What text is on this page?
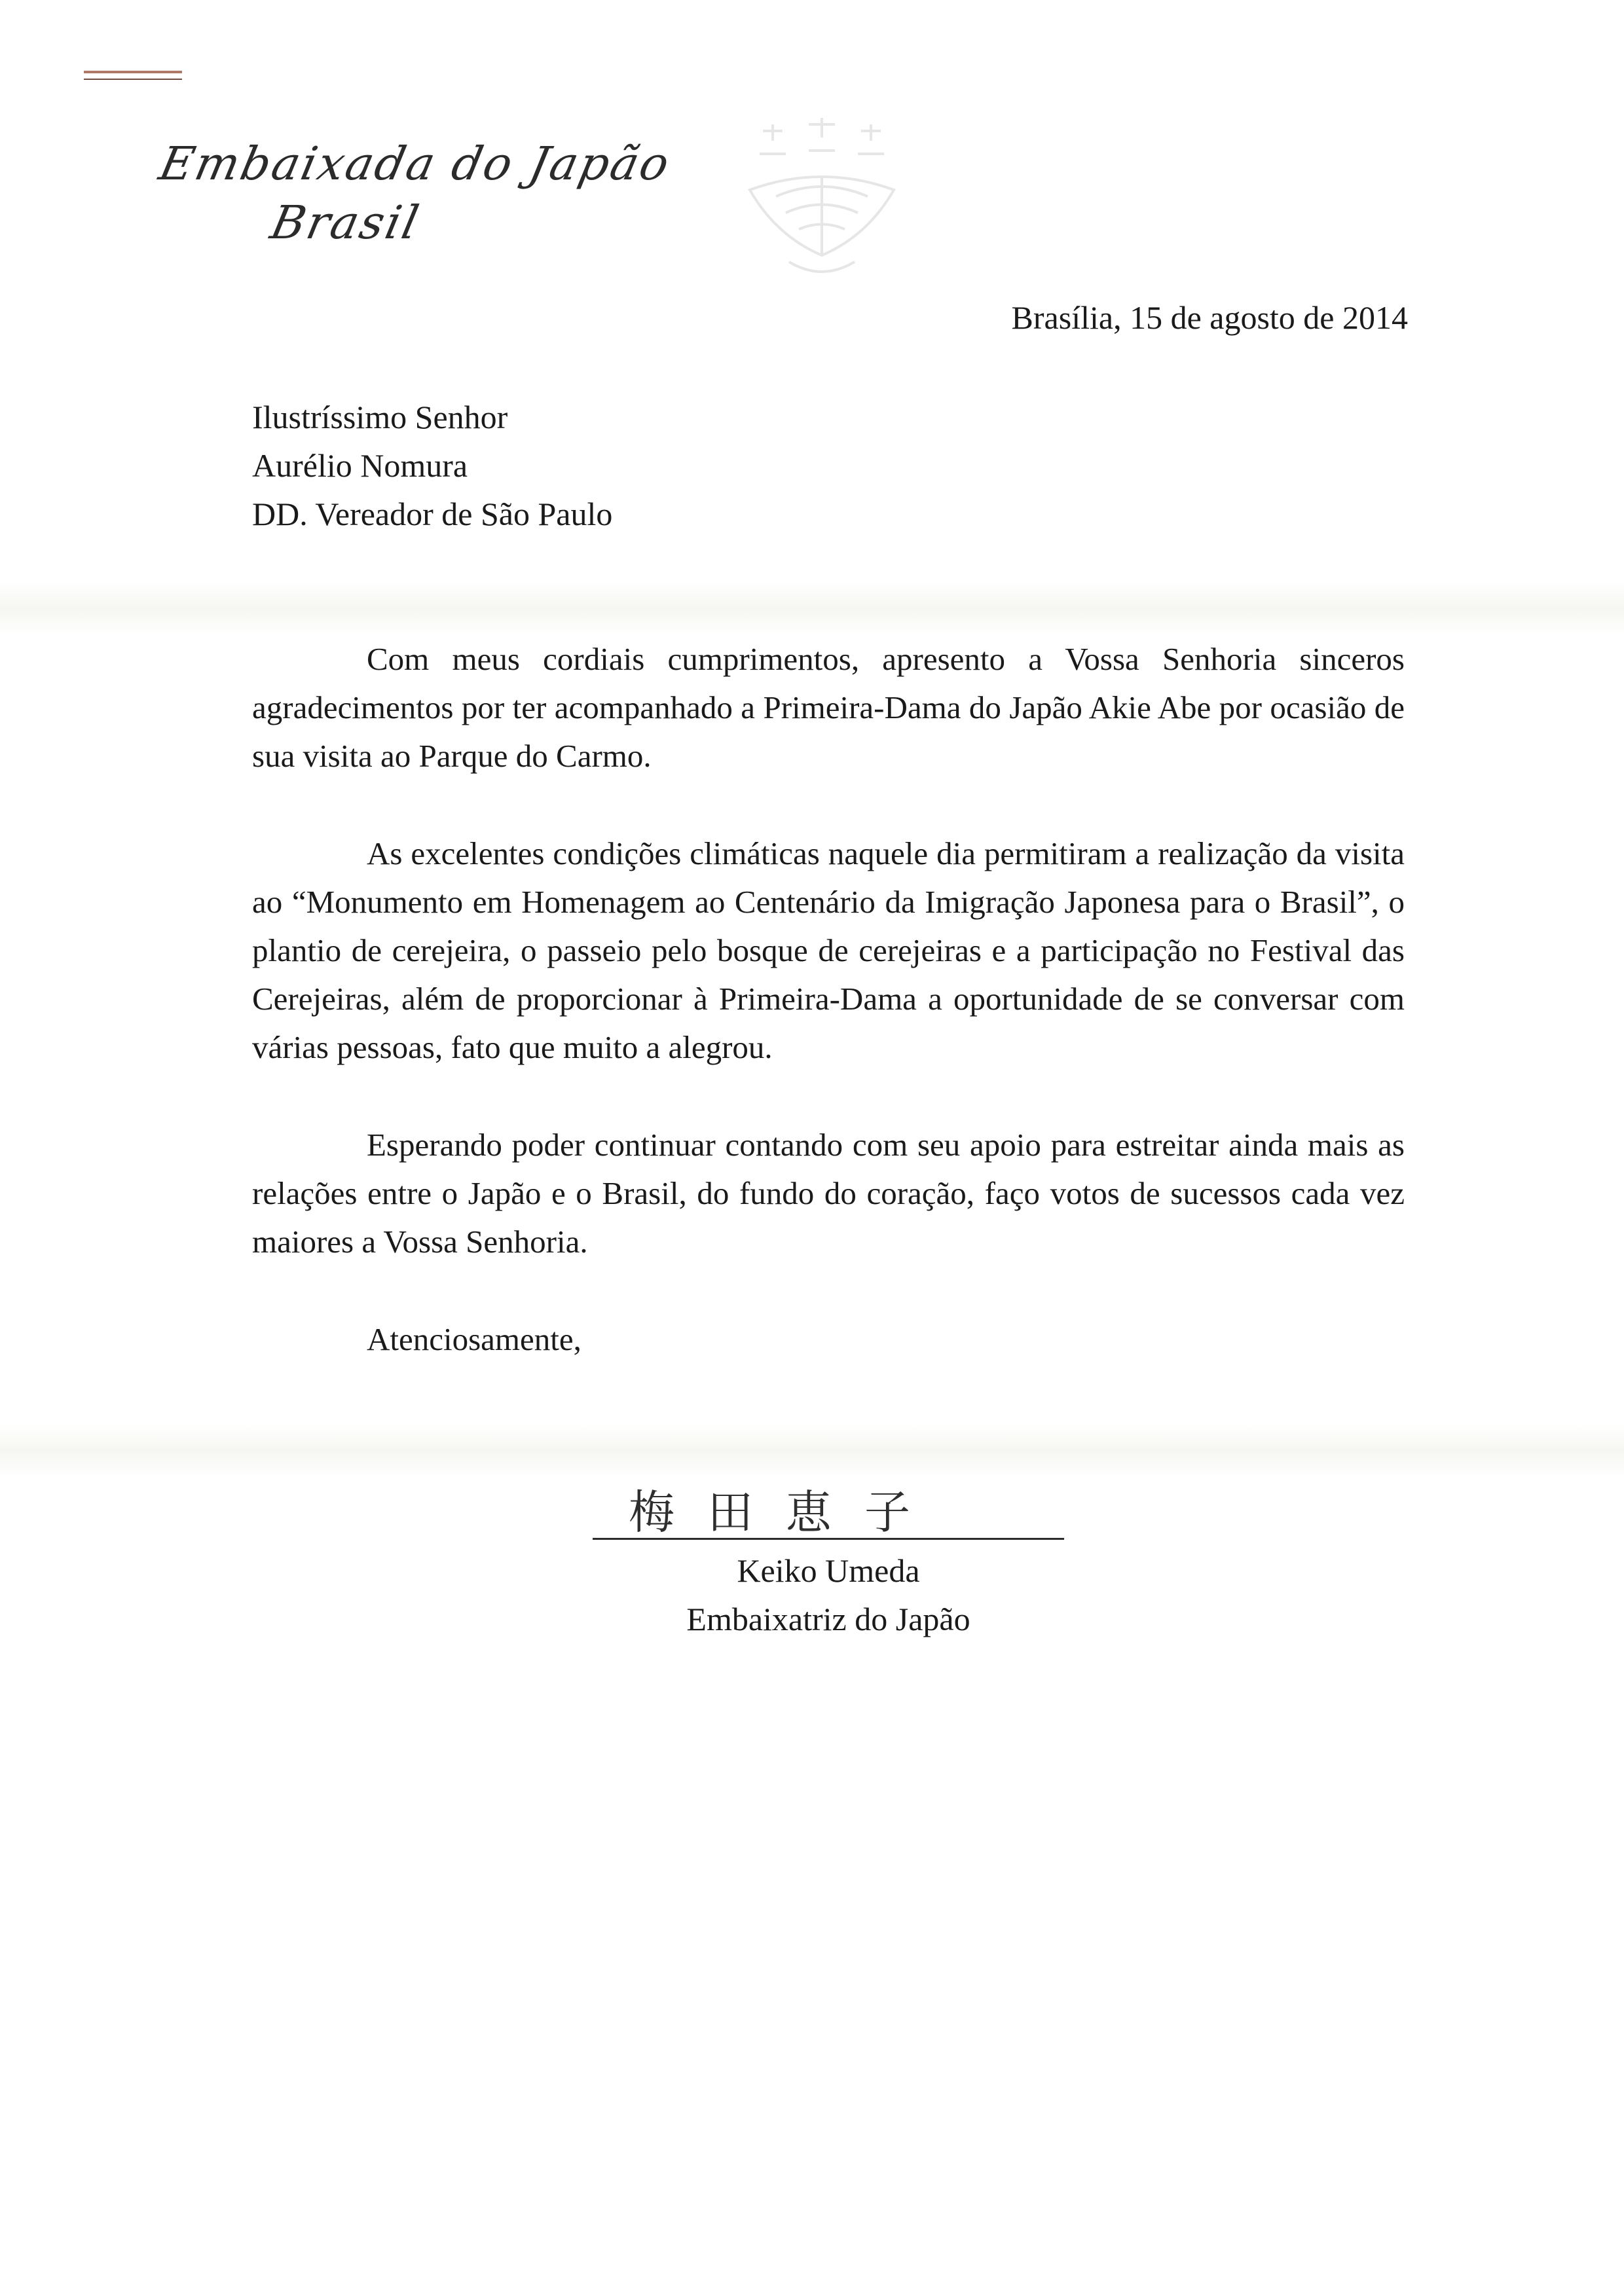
Embaixada do Japão
Brasil
Brasília, 15 de agosto de 2014
Ilustríssimo Senhor
Aurélio Nomura
DD. Vereador de São Paulo

Com meus cordiais cumprimentos, apresento a Vossa Senhoria sinceros agradecimentos por ter acompanhado a Primeira-Dama do Japão Akie Abe por ocasião de sua visita ao Parque do Carmo.

As excelentes condições climáticas naquele dia permitiram a realização da visita ao “Monumento em Homenagem ao Centenário da Imigração Japonesa para o Brasil”, o plantio de cerejeira, o passeio pelo bosque de cerejeiras e a participação no Festival das Cerejeiras, além de proporcionar à Primeira-Dama a oportunidade de se conversar com várias pessoas, fato que muito a alegrou.

Esperando poder continuar contando com seu apoio para estreitar ainda mais as relações entre o Japão e o Brasil, do fundo do coração, faço votos de sucessos cada vez maiores a Vossa Senhoria.

Atenciosamente,
梅田恵子
Keiko Umeda
Embaixatriz do Japão
